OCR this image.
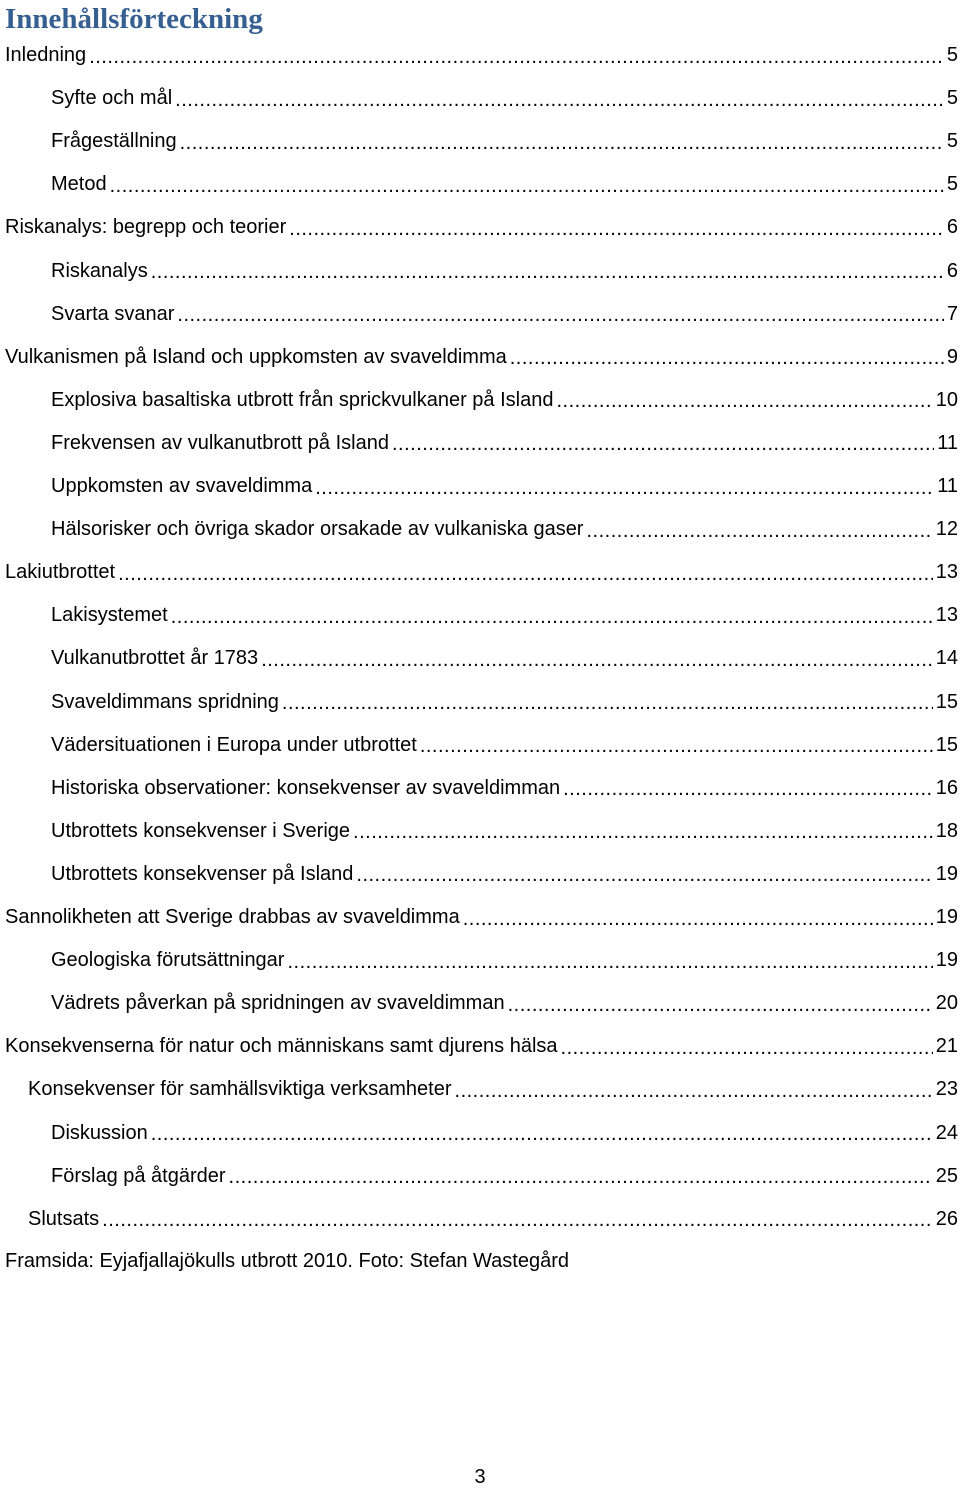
Innehållsförteckning
Inledning .....	5
Syfte och mål .....	5
Frågeställning .....	5
Metod .....	5
Riskanalys: begrepp och teorier .....	6
Riskanalys .....	6
Svarta svanar .....	7
Vulkanismen på Island och uppkomsten av svaveldimma .....	9
Explosiva basaltiska utbrott från sprickvulkaner på Island .....	10
Frekvensen av vulkanutbrott på Island .....	11
Uppkomsten av svaveldimma .....	11
Hälsorisker och övriga skador orsakade av vulkaniska gaser .....	12
Lakiutbrottet .....	13
Lakisystemet .....	13
Vulkanutbrottet år 1783 .....	14
Svaveldimmans spridning .....	15
Vädersituationen i Europa under utbrottet .....	15
Historiska observationer: konsekvenser av svaveldimman .....	16
Utbrottets konsekvenser i Sverige .....	18
Utbrottets konsekvenser på Island .....	19
Sannolikheten att Sverige drabbas av svaveldimma .....	19
Geologiska förutsättningar .....	19
Vädrets påverkan på spridningen av svaveldimman .....	20
Konsekvenserna för natur och människans samt djurens hälsa .....	21
Konsekvenser för samhällsviktiga verksamheter .....	23
Diskussion .....	24
Förslag på åtgärder .....	25
Slutsats .....	26
Framsida: Eyjafjallajökulls utbrott 2010. Foto: Stefan Wastegård
3
